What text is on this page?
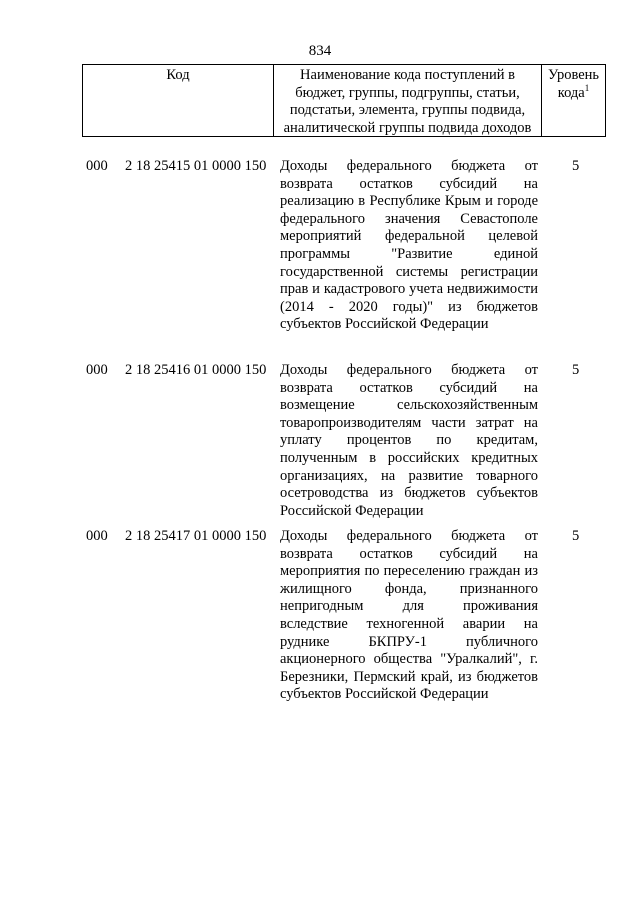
834
Код	Наименование кода поступлений в бюджет, группы, подгруппы, статьи, подстатьи, элемента, группы подвида, аналитической группы подвида доходов
Уровень кода$^1$
000 2 18 25415 01 0000 150 Доходы федерального бюджета от возврата остатков субсидий на реализацию в Республике Крым и городе федерального значения Севастополе мероприятий федеральной целевой программы "Развитие единой государственной системы регистрации прав и кадастрового учета недвижимости (2014 - 2020 годы)" из бюджетов субъектов Российской Федерации
5
000 2 18 25416 01 0000 150 Доходы федерального бюджета от возврата остатков субсидий на возмещение сельскохозяйственным товаропроизводителям части затрат на уплату процентов по кредитам, полученным в российских кредитных организациях, на развитие товарного осетроводства из бюджетов субъектов Российской Федерации
5
000 2 18 25417 01 0000 150 Доходы федерального бюджета от возврата остатков субсидий на мероприятия по переселению граждан из жилищного фонда, признанного непригодным для проживания вследствие техногенной аварии на руднике БКПРУ-1 публичного акционерного общества "Уралкалий", г. Березники, Пермский край, из бюджетов субъектов Российской Федерации
5
